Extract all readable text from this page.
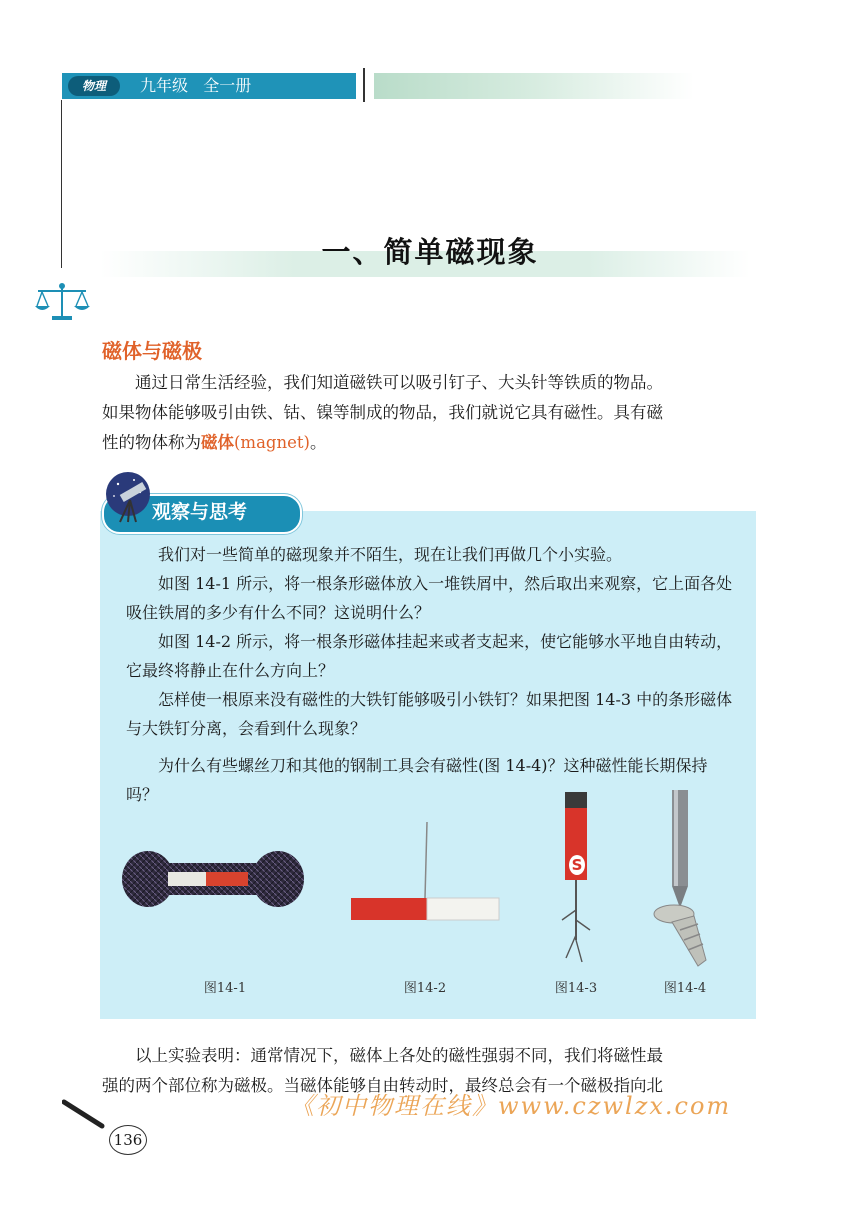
物理	九年级   全一册
一、简单磁现象
磁体与磁极
通过日常生活经验，我们知道磁铁可以吸引钉子、大头针等铁质的物品。
如果物体能够吸引由铁、钴、镍等制成的物品，我们就说它具有磁性。具有磁
性的物体称为磁体(magnet)。
观察与思考
我们对一些简单的磁现象并不陌生，现在让我们再做几个小实验。
如图 14-1 所示，将一根条形磁体放入一堆铁屑中，然后取出来观察，它上面各处吸住铁屑的多少有什么不同？这说明什么？
如图 14-2 所示，将一根条形磁体挂起来或者支起来，使它能够水平地自由转动，它最终将静止在什么方向上？
怎样使一根原来没有磁性的大铁钉能够吸引小铁钉？如果把图 14-3 中的条形磁体与大铁钉分离，会看到什么现象？
为什么有些螺丝刀和其他的钢制工具会有磁性(图 14-4)？这种磁性能长期保持吗？
S
图14-1	图14-2	图14-3	图14-4
以上实验表明：通常情况下，磁体上各处的磁性强弱不同，我们将磁性最
强的两个部位称为磁极。当磁体能够自由转动时，最终总会有一个磁极指向北
《初中物理在线》www.czwlzx.com
136
